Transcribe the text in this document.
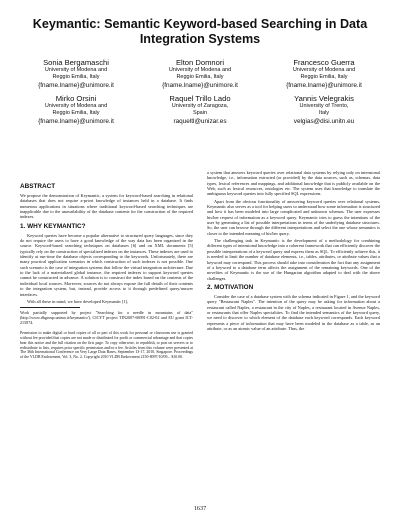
Keymantic: Semantic Keyword-based Searching in Data Integration Systems
Sonia Bergamaschi
University of Modena and
Reggio Emilia, Italy
{fname.lname}@unimore.it
Elton Domnori
University of Modena and
Reggio Emilia, Italy
{fname.lname}@unimore.it
Francesco Guerra
University of Modena and
Reggio Emilia, Italy
{fname.lname}@unimore.it
Mirko Orsini
University of Modena and
Reggio Emilia, Italy
{fname.lname}@unimore.it
Raquel Trillo Lado
University of Zaragoza,
Spain
raqueltl@unizar.es
Yannis Velegrakis
University of Trento,
Italy
velgias@disi.unitn.eu
ABSTRACT

We propose the demonstration of Keymantic, a system for keyword-based searching in relational databases that does not require a-priori knowledge of instances held in a database. It finds numerous applications in situations where traditional keyword-based searching techniques are inapplicable due to the unavailability of the database contents for the construction of the required indexes.

1. WHY KEYMANTIC?

Keyword queries have become a popular alternative to structured query languages, since they do not require the users to have a good knowledge of the way data has been organized in the source. Keyword-based searching techniques on databases [6] and on XML documents [5] typically rely on the construction of specialized indexes on the instances. These indexes are used to identify at run-time the database objects corresponding to the keywords. Unfortunately, there are many practical application scenarios in which construction of such indexes is not possible. One such scenario is the case of integration systems that follow the virtual integration architecture. Due to the lack of a materialized global instance, the required indexes to support keyword queries cannot be constructed in advance. A solution is to construct the index based on the contents of the individual local sources. Moreover, sources do not always expose the full details of their contents to the integration system, but, instead, provide access to it through predefined query/answer interfaces.

With all these in mind, we have developed Keymantic [1],

Work partially supported by project "Searching for a needle in mountains of data" (http://www.dbgroup.unimo.it/keymantic/), CICYT project TIN2007-68091-C02-02 and EU grant ICT-215874.
Permission to make digital or hard copies of all or part of this work for personal or classroom use is granted without fee provided that copies are not made or distributed for profit or commercial advantage and that copies bear this notice and the full citation on the first page. To copy otherwise, to republish, to post on servers or to redistribute to lists, requires prior specific permission and/or a fee. Articles from this volume were presented at The 36th International Conference on Very Large Data Bases, September 13-17, 2010, Singapore. Proceedings of the VLDB Endowment, Vol. 3, No. 2. Copyright 2010 VLDB Endowment 2150-8097/10/09... $10.00.

a system that answers keyword queries over relational data systems by relying only on intensional knowledge, i.e., information extracted (or provided) by the data sources, such as, schemas, data types, lexical references and mappings, and additional knowledge that is publicly available on the Web, such as lexical resources, ontologies etc. The system uses that knowledge to translate the ambiguous keyword queries into fully specified SQL expressions.

Apart from the obvious functionality of answering keyword queries over relational systems, Keymantic also serves as a tool for helping users to understand how some information is structured and how it has been modeled into large complicated and unknown schemas. The user expresses his/her request of information as a keyword query. Keymantic tries to guess the intentions of the user by generating a list of possible interpretations in terms of the underlying database structures. So, the user can browse through the different interpretations and select the one whose semantics is closer to the intended meaning of his/her query.

The challenging task in Keymantic is the development of a methodology for combining different types of intensional knowledge into a coherent framework that can efficiently discover the possible interpretations of a keyword query and express them as SQL. To efficiently achieve this, it is needed to limit the number of database elements, i.e., tables, attributes, or attribute values that a keyword may correspond. This process should take into consideration the fact that any assignment of a keyword to a database term affects the assignment of the remaining keywords. One of the novelties of Keymantic is the use of the Hungarian algorithm adapted to deal with the above challenges.

2. MOTIVATION

Consider the case of a database system with the schema indicated in Figure 1, and the keyword query "Restaurant Naples". The intention of the query may be asking for information about a restaurant called Naples, a restaurant in the city of Naples, a restaurant located in Avenue Naples, or restaurants that offer Naples specialities. To find the intended semantics of the keyword query, we need to discover to which element of the database each keyword corresponds. Each keyword represents a piece of information that may have been modeled in the database as a table, as an attribute, or as an atomic value of an attribute. Thus, the

1637
